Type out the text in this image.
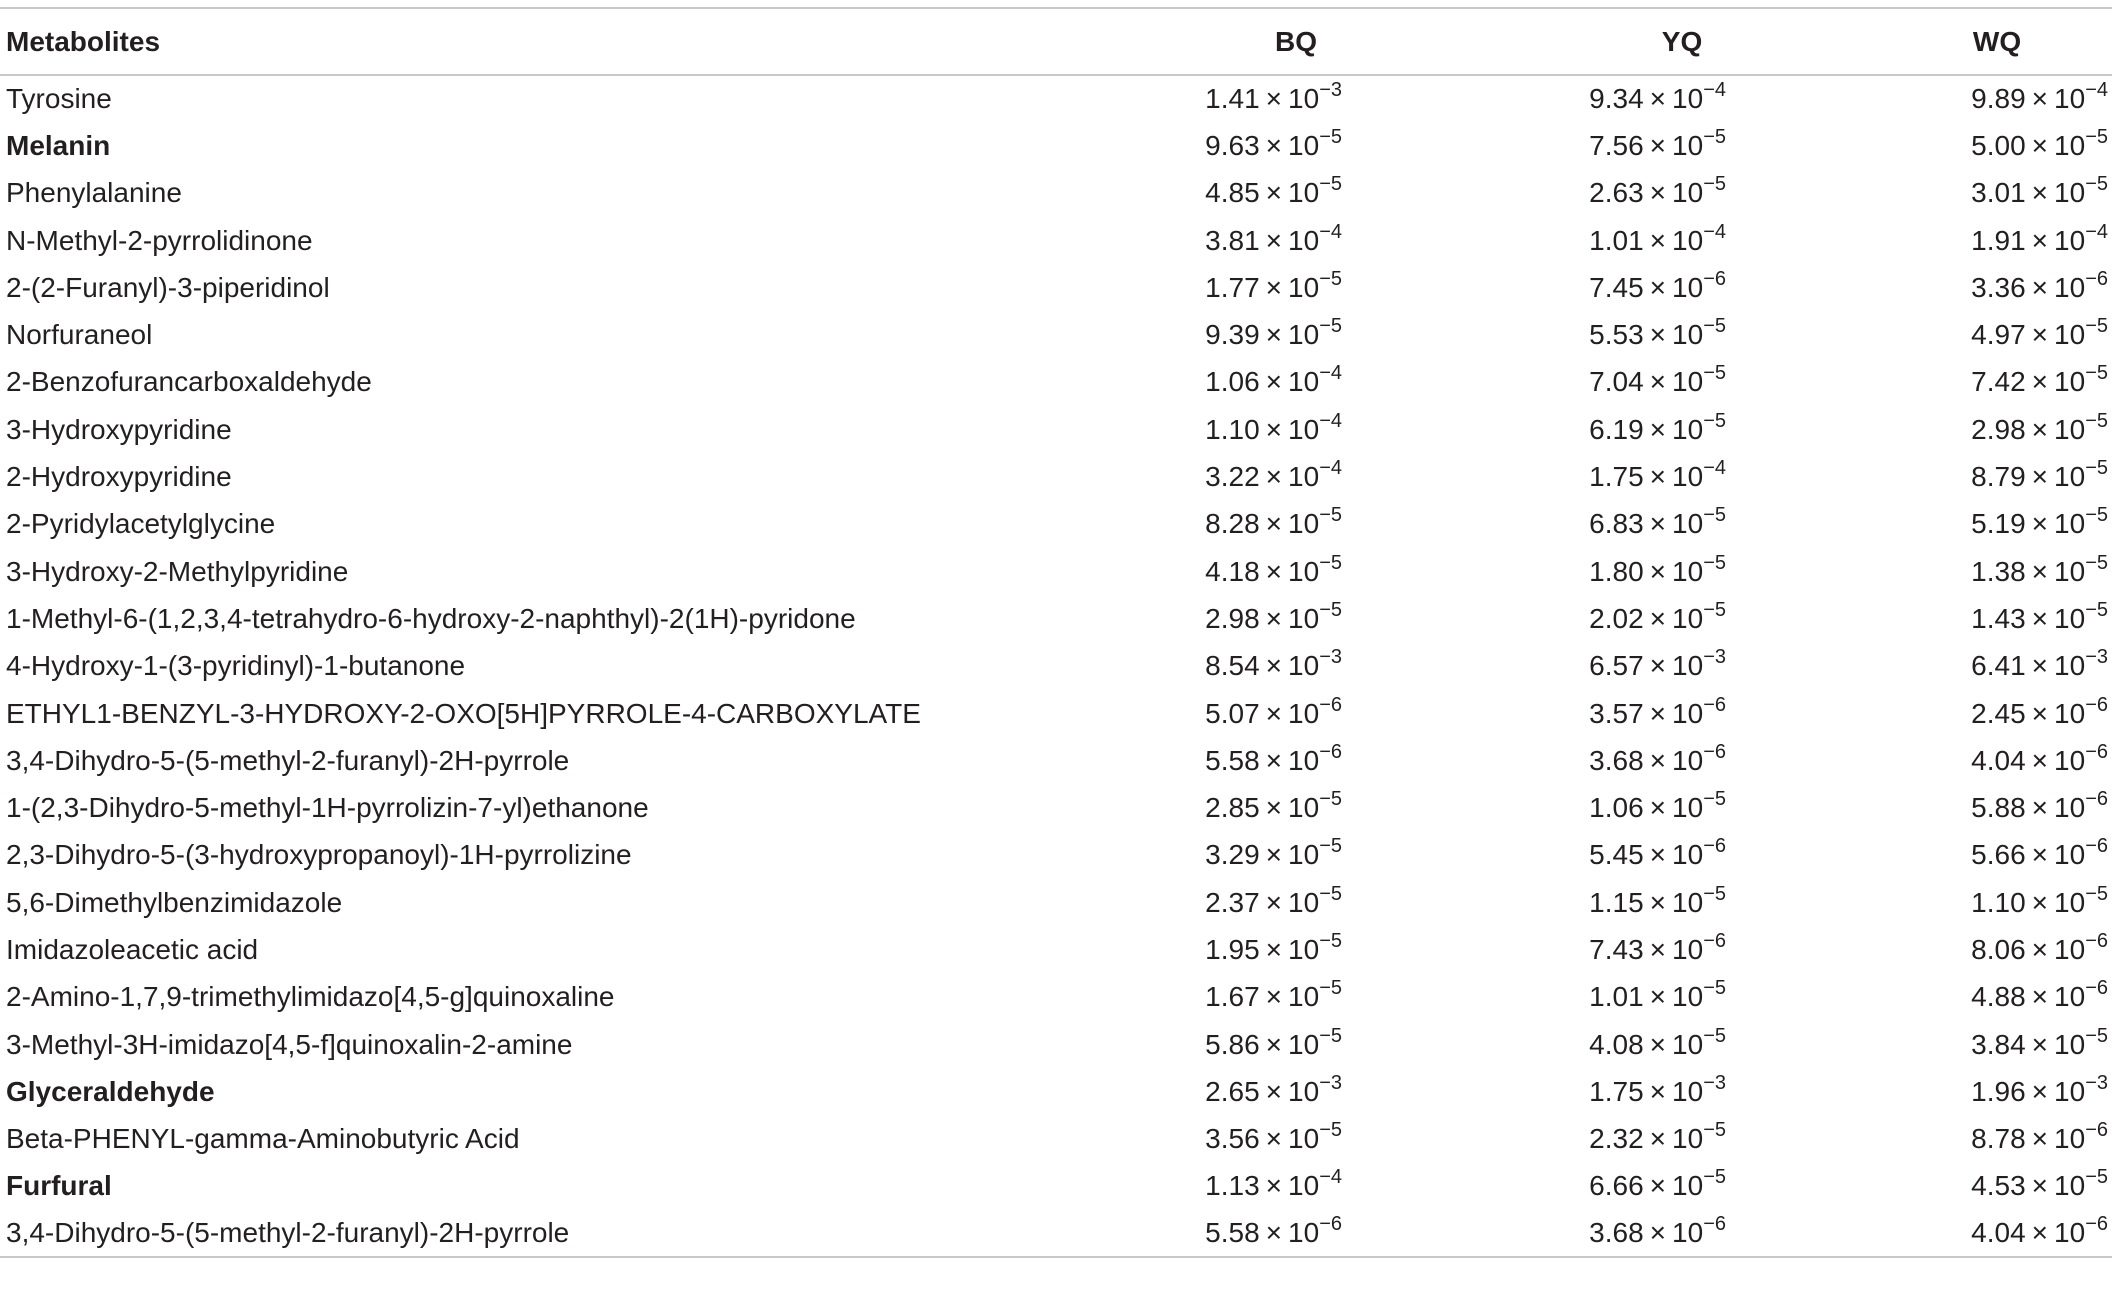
Metabolites	BQ	YQ	WQ
Tyrosine	$1.41 \times 10^{-3}$	$9.34 \times 10^{-4}$	$9.89 \times 10^{-4}$
Melanin	$9.63 \times 10^{-5}$	$7.56 \times 10^{-5}$	$5.00 \times 10^{-5}$
Phenylalanine	$4.85 \times 10^{-5}$	$2.63 \times 10^{-5}$	$3.01 \times 10^{-5}$
N-Methyl-2-pyrrolidinone	$3.81 \times 10^{-4}$	$1.01 \times 10^{-4}$	$1.91 \times 10^{-4}$
2-(2-Furanyl)-3-piperidinol	$1.77 \times 10^{-5}$	$7.45 \times 10^{-6}$	$3.36 \times 10^{-6}$
Norfuraneol	$9.39 \times 10^{-5}$	$5.53 \times 10^{-5}$	$4.97 \times 10^{-5}$
2-Benzofurancarboxaldehyde	$1.06 \times 10^{-4}$	$7.04 \times 10^{-5}$	$7.42 \times 10^{-5}$
3-Hydroxypyridine	$1.10 \times 10^{-4}$	$6.19 \times 10^{-5}$	$2.98 \times 10^{-5}$
2-Hydroxypyridine	$3.22 \times 10^{-4}$	$1.75 \times 10^{-4}$	$8.79 \times 10^{-5}$
2-Pyridylacetylglycine	$8.28 \times 10^{-5}$	$6.83 \times 10^{-5}$	$5.19 \times 10^{-5}$
3-Hydroxy-2-Methylpyridine	$4.18 \times 10^{-5}$	$1.80 \times 10^{-5}$	$1.38 \times 10^{-5}$
1-Methyl-6-(1,2,3,4-tetrahydro-6-hydroxy-2-naphthyl)-2(1H)-pyridone	$2.98 \times 10^{-5}$	$2.02 \times 10^{-5}$	$1.43 \times 10^{-5}$
4-Hydroxy-1-(3-pyridinyl)-1-butanone	$8.54 \times 10^{-3}$	$6.57 \times 10^{-3}$	$6.41 \times 10^{-3}$
ETHYL1-BENZYL-3-HYDROXY-2-OXO[5H]PYRROLE-4-CARBOXYLATE	$5.07 \times 10^{-6}$	$3.57 \times 10^{-6}$	$2.45 \times 10^{-6}$
3,4-Dihydro-5-(5-methyl-2-furanyl)-2H-pyrrole	$5.58 \times 10^{-6}$	$3.68 \times 10^{-6}$	$4.04 \times 10^{-6}$
1-(2,3-Dihydro-5-methyl-1H-pyrrolizin-7-yl)ethanone	$2.85 \times 10^{-5}$	$1.06 \times 10^{-5}$	$5.88 \times 10^{-6}$
2,3-Dihydro-5-(3-hydroxypropanoyl)-1H-pyrrolizine	$3.29 \times 10^{-5}$	$5.45 \times 10^{-6}$	$5.66 \times 10^{-6}$
5,6-Dimethylbenzimidazole	$2.37 \times 10^{-5}$	$1.15 \times 10^{-5}$	$1.10 \times 10^{-5}$
Imidazoleacetic acid	$1.95 \times 10^{-5}$	$7.43 \times 10^{-6}$	$8.06 \times 10^{-6}$
2-Amino-1,7,9-trimethylimidazo[4,5-g]quinoxaline	$1.67 \times 10^{-5}$	$1.01 \times 10^{-5}$	$4.88 \times 10^{-6}$
3-Methyl-3H-imidazo[4,5-f]quinoxalin-2-amine	$5.86 \times 10^{-5}$	$4.08 \times 10^{-5}$	$3.84 \times 10^{-5}$
Glyceraldehyde	$2.65 \times 10^{-3}$	$1.75 \times 10^{-3}$	$1.96 \times 10^{-3}$
Beta-PHENYL-gamma-Aminobutyric Acid	$3.56 \times 10^{-5}$	$2.32 \times 10^{-5}$	$8.78 \times 10^{-6}$
Furfural	$1.13 \times 10^{-4}$	$6.66 \times 10^{-5}$	$4.53 \times 10^{-5}$
3,4-Dihydro-5-(5-methyl-2-furanyl)-2H-pyrrole	$5.58 \times 10^{-6}$	$3.68 \times 10^{-6}$	$4.04 \times 10^{-6}$
